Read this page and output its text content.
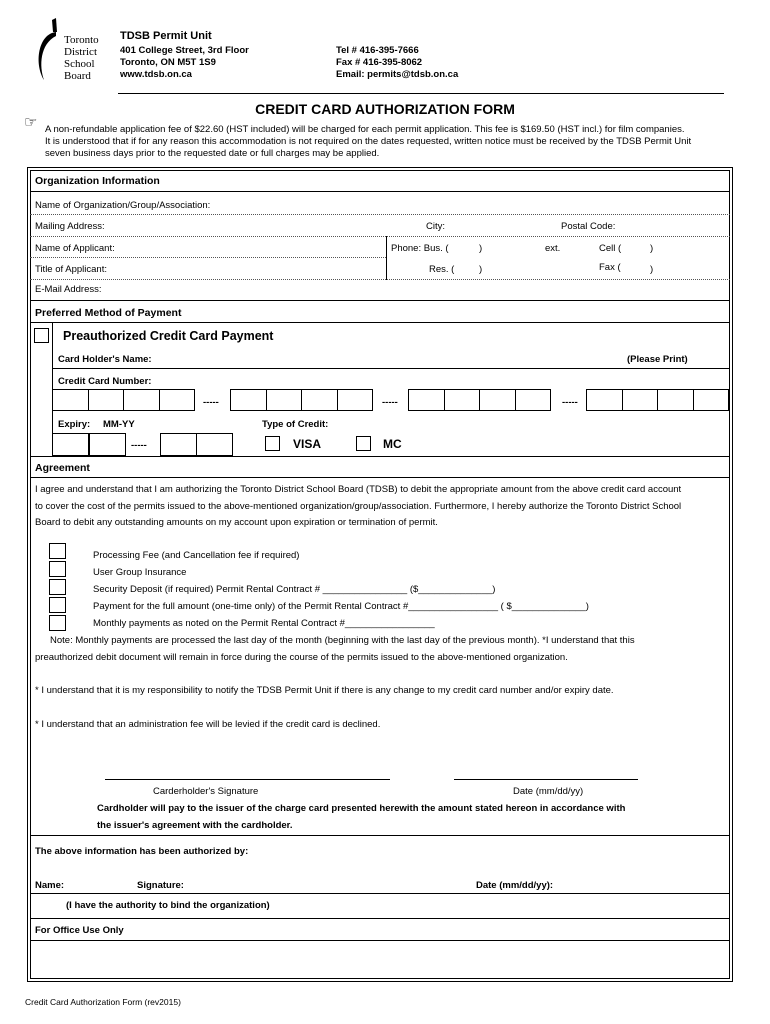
Toronto
District
School
Board
TDSB Permit Unit
401 College Street, 3rd Floor
Toronto, ON M5T 1S9
www.tdsb.on.ca
Tel # 416-395-7666
Fax # 416-395-8062
Email: permits@tdsb.on.ca
CREDIT CARD AUTHORIZATION FORM
☞ A non-refundable application fee of $22.60 (HST included) will be charged for each permit application. This fee is $169.50 (HST incl.) for film companies.
It is understood that if for any reason this accommodation is not required on the dates requested, written notice must be received by the TDSB Permit Unit
seven business days prior to the requested date or full charges may be applied.
Organization Information
Name of Organization/Group/Association:
Mailing Address:	City:	Postal Code:
Name of Applicant:	Phone: Bus. (	)	ext.	Cell (	)
Title of Applicant:	Res. (	)	Fax (	)
E-Mail Address:
Preferred Method of Payment
Preauthorized Credit Card Payment
Card Holder's Name:	(Please Print)
Credit Card Number:
-----	-----	-----
Expiry: MM-YY	Type of Credit:
-----	VISA	MC
Agreement
I agree and understand that I am authorizing the Toronto District School Board (TDSB) to debit the appropriate amount from the above credit card account
to cover the cost of the permits issued to the above-mentioned organization/group/association. Furthermore, I hereby authorize the Toronto District School
Board to debit any outstanding amounts on my account upon expiration or termination of permit.
Processing Fee (and Cancellation fee if required)
User Group Insurance
Security Deposit (if required) Permit Rental Contract # ________________ ($______________)
Payment for the full amount (one-time only) of the Permit Rental Contract #_________________ ( $______________)
Monthly payments as noted on the Permit Rental Contract #_________________
Note: Monthly payments are processed the last day of the month (beginning with the last day of the previous month). *I understand that this
preauthorized debit document will remain in force during the course of the permits issued to the above-mentioned organization.
* I understand that it is my responsibility to notify the TDSB Permit Unit if there is any change to my credit card number and/or expiry date.
* I understand that an administration fee will be levied if the credit card is declined.
Carderholder's Signature	Date (mm/dd/yy)
Cardholder will pay to the issuer of the charge card presented herewith the amount stated hereon in accordance with
the issuer's agreement with the cardholder.
The above information has been authorized by:
Name:	Signature:	Date (mm/dd/yy):
(I have the authority to bind the organization)
For Office Use Only
Credit Card Authorization Form (rev2015)
